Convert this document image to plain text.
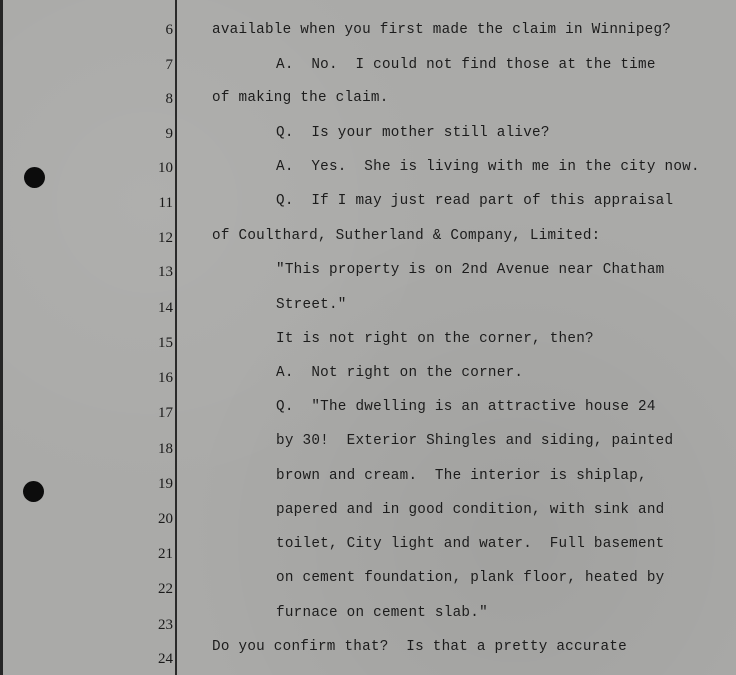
6
7
8
9
10
11
12
13
14
15
16
17
18
19
20
21
22
23
24
available when you first made the claim in Winnipeg?
A.  No.  I could not find those at the time
of making the claim.
Q.  Is your mother still alive?
A.  Yes.  She is living with me in the city now.
Q.  If I may just read part of this appraisal
of Coulthard, Sutherland & Company, Limited:
"This property is on 2nd Avenue near Chatham
Street."
It is not right on the corner, then?
A.  Not right on the corner.
Q.  "The dwelling is an attractive house 24
by 30!  Exterior Shingles and siding, painted
brown and cream.  The interior is shiplap,
papered and in good condition, with sink and
toilet, City light and water.  Full basement
on cement foundation, plank floor, heated by
furnace on cement slab."
Do you confirm that?  Is that a pretty accurate
